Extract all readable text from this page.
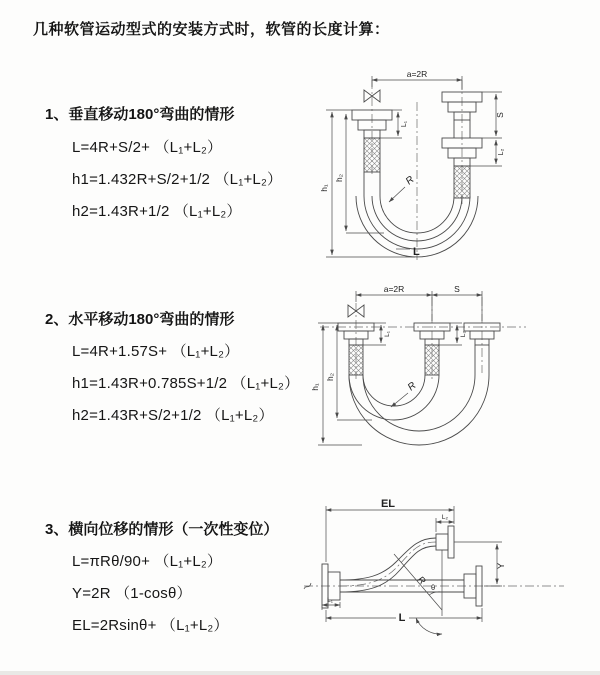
几种软管运动型式的安装方式时，软管的长度计算：
1、垂直移动180°弯曲的情形
L=4R+S/2+ （L₁+L₂）
h1=1.432R+S/2+1/2 （L₁+L₂）
h2=1.43R+1/2 （L₁+L₂）
a=2R
h₁
h₂
L₁
S
L₂
R
L
2、水平移动180°弯曲的情形
L=4R+1.57S+ （L₁+L₂）
h1=1.43R+0.785S+1/2 （L₁+L₂）
h2=1.43R+S/2+1/2 （L₁+L₂）
a=2R	S
h₁
h₂
L₁	L₂
R
3、横向位移的情形（一次性变位）
L=πRθ/90+ （L₁+L₂）
Y=2R （1-cosθ）
EL=2Rsinθ+ （L₁+L₂）
EL
L₂
Y
L
L₁
R
θ
